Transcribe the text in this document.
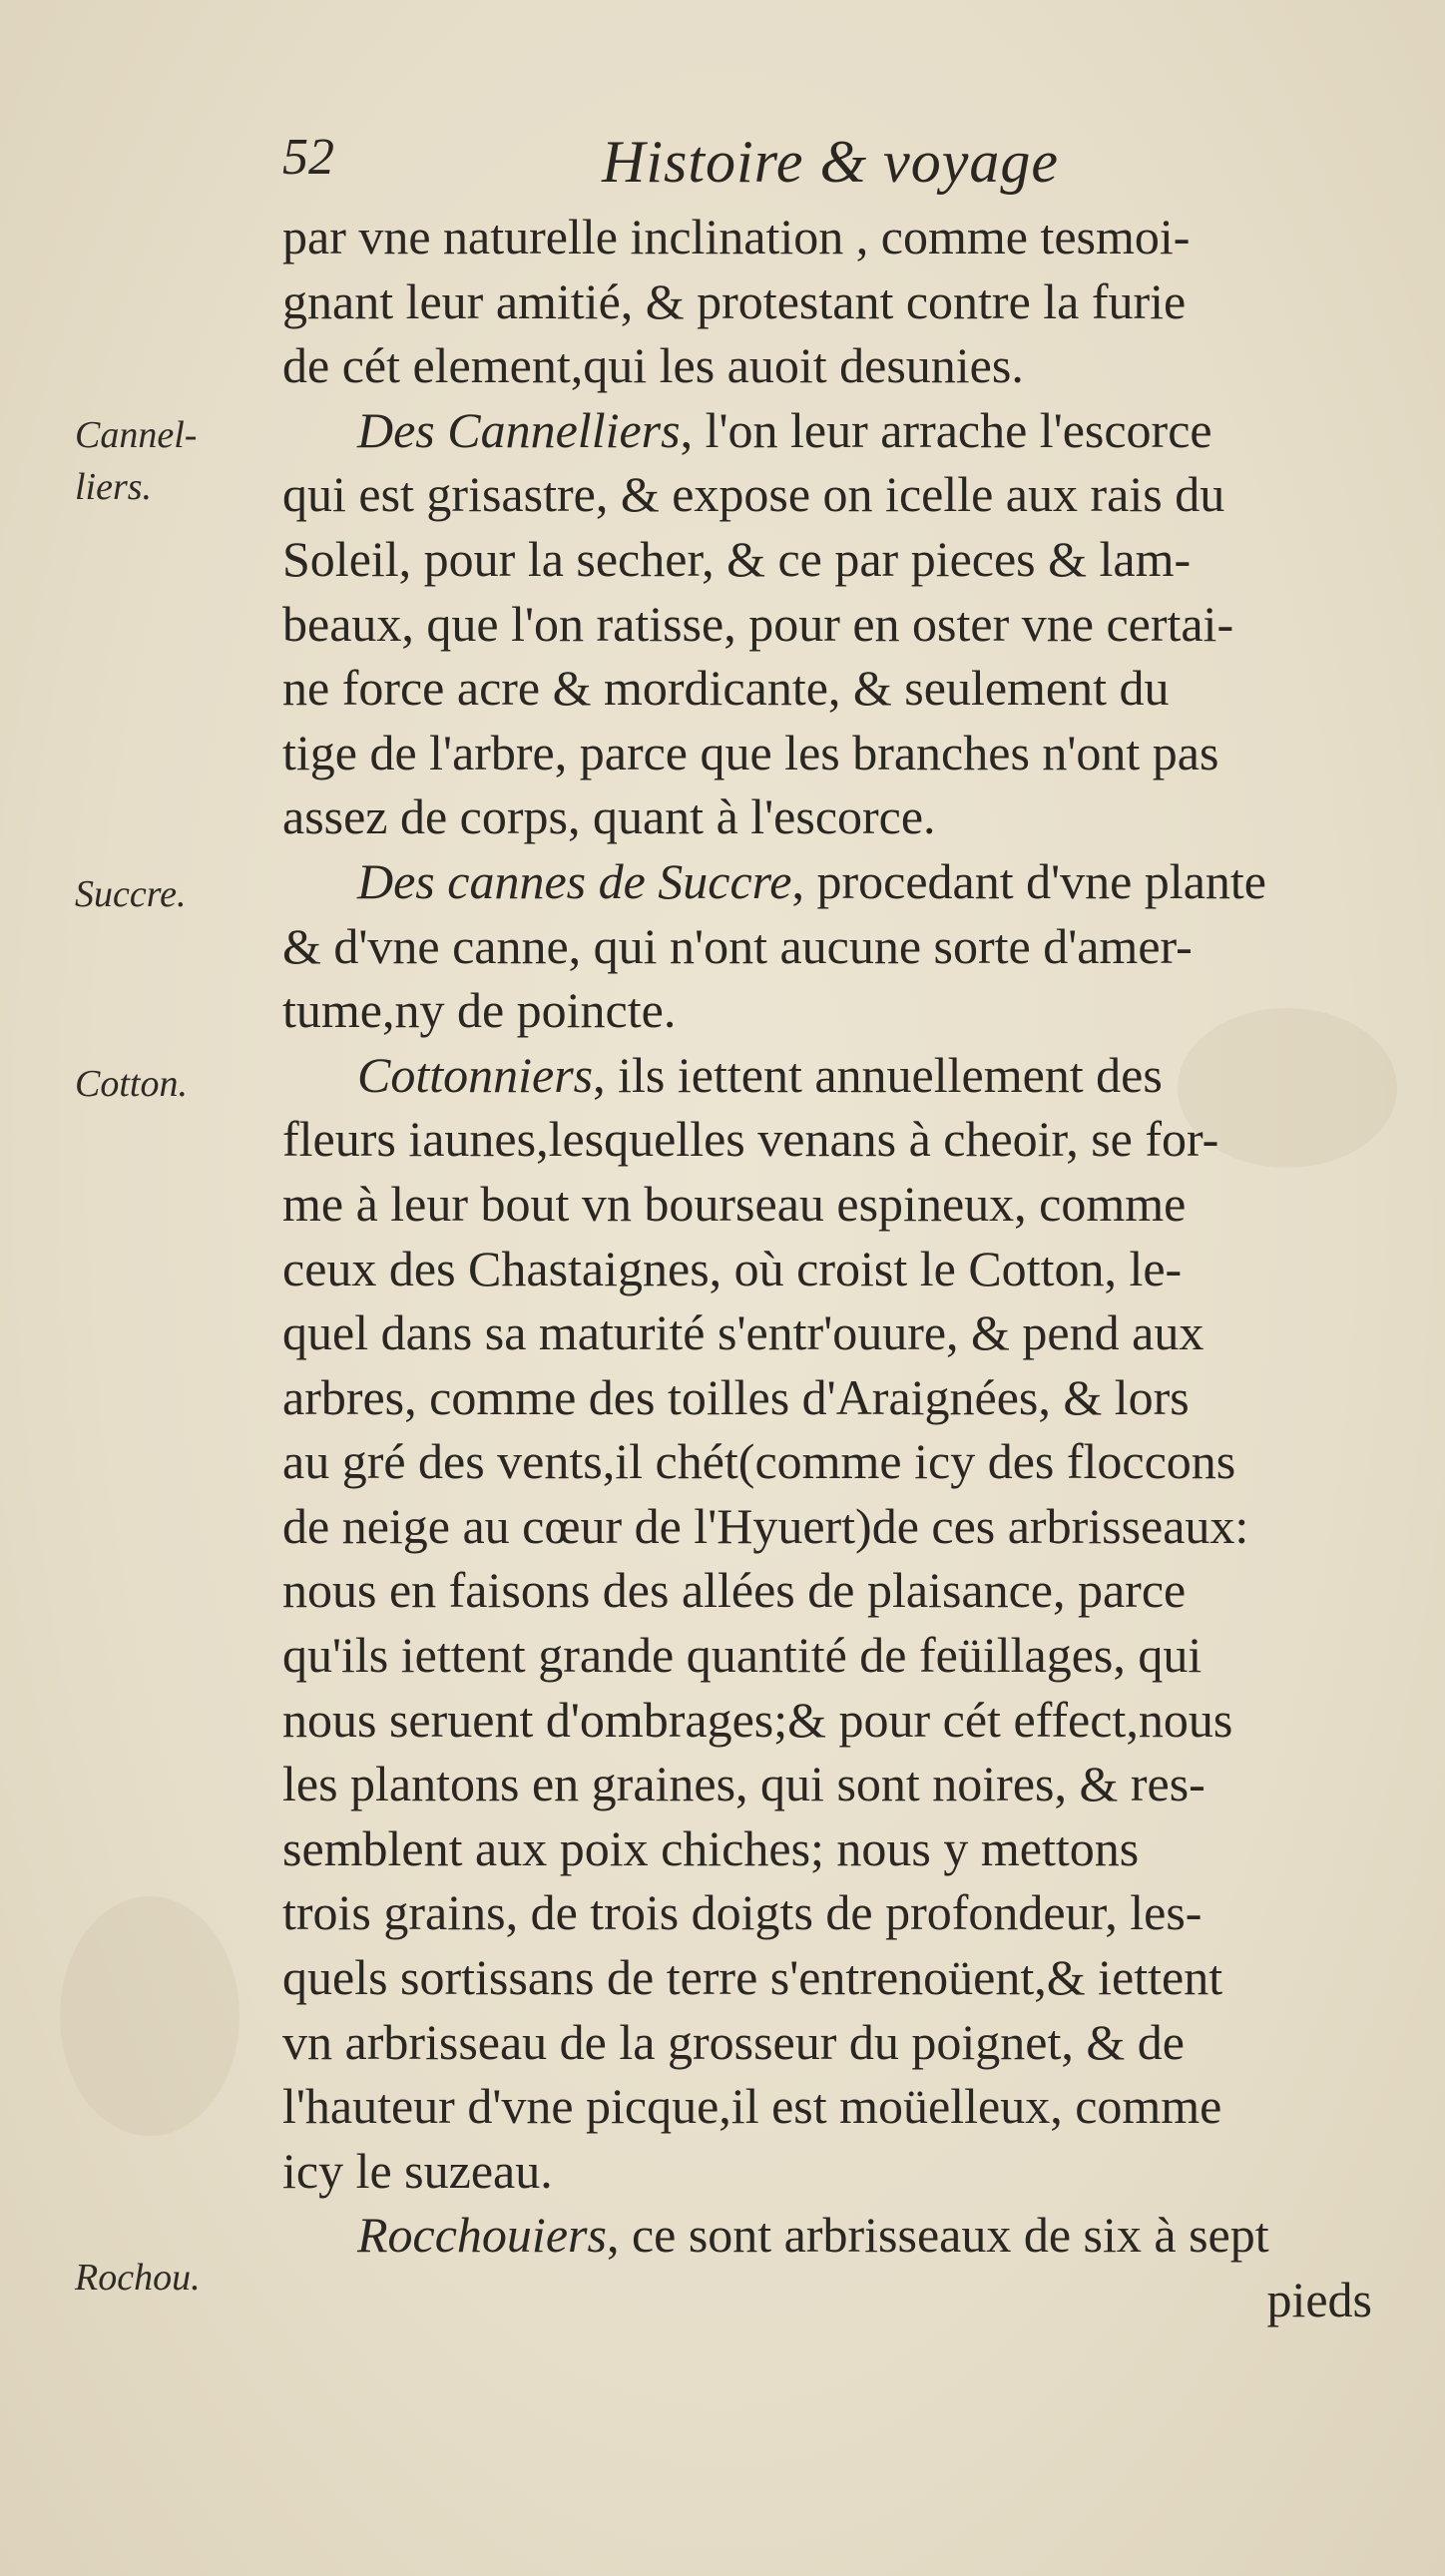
52	Histoire & voyage
Cannel-
liers.
Succre.
Cotton.
Rochou.
par vne naturelle inclination , comme tesmoi-
gnant leur amitié, & protestant contre la furie
de cét element,qui les auoit desunies.
Des Cannelliers, l'on leur arrache l'escorce
qui est grisastre, & expose on icelle aux rais du
Soleil, pour la secher, & ce par pieces & lam-
beaux, que l'on ratisse, pour en oster vne certai-
ne force acre & mordicante, & seulement du
tige de l'arbre, parce que les branches n'ont pas
assez de corps, quant à l'escorce.
Des cannes de Succre, procedant d'vne plante
& d'vne canne, qui n'ont aucune sorte d'amer-
tume,ny de poincte.
Cottonniers, ils iettent annuellement des
fleurs iaunes,lesquelles venans à cheoir, se for-
me à leur bout vn bourseau espineux, comme
ceux des Chastaignes, où croist le Cotton, le-
quel dans sa maturité s'entr'ouure, & pend aux
arbres, comme des toilles d'Araignées, & lors
au gré des vents,il chét(comme icy des floccons
de neige au cœur de l'Hyuert)de ces arbrisseaux:
nous en faisons des allées de plaisance, parce
qu'ils iettent grande quantité de feüillages, qui
nous seruent d'ombrages;& pour cét effect,nous
les plantons en graines, qui sont noires, & res-
semblent aux poix chiches; nous y mettons
trois grains, de trois doigts de profondeur, les-
quels sortissans de terre s'entrenoüent,& iettent
vn arbrisseau de la grosseur du poignet, & de
l'hauteur d'vne picque,il est moüelleux, comme
icy le suzeau.
Rocchouiers, ce sont arbrisseaux de six à sept
pieds
